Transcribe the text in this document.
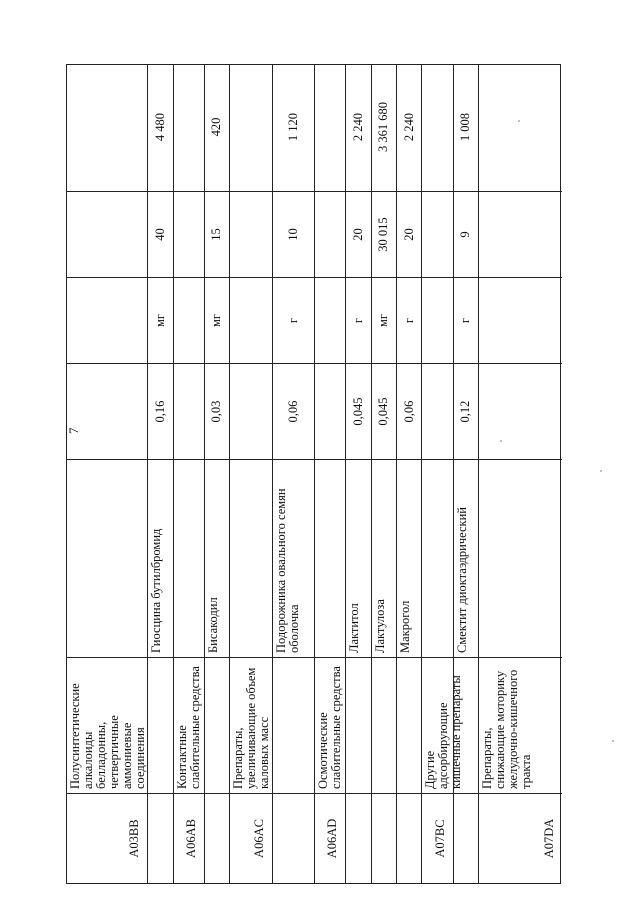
7
A03BB
Полусинтетические алкалоиды белладонны, четвертичные аммониевые соединения
Гиосцина бутилбромид
0,16
мг
40
4 480
A06AB
Контактные слабительные средства
Бисакодил
0,03
мг
15
420
A06AC
Препараты, увеличивающие объем каловых масс
Подорожника овального семян оболочка
0,06
г
10
1 120
A06AD
Осмотические слабительные средства
Лактитол
0,045
г
20
2 240
Лактулоза
0,045
мг
30 015
3 361 680
Макрогол
0,06
г
20
2 240
A07BC
Другие адсорбирующие кишечные препараты
Смектит диоктаэдрический
0,12
г
9
1 008
A07DA
Препараты, снижающие моторику желудочно-кишечного тракта
